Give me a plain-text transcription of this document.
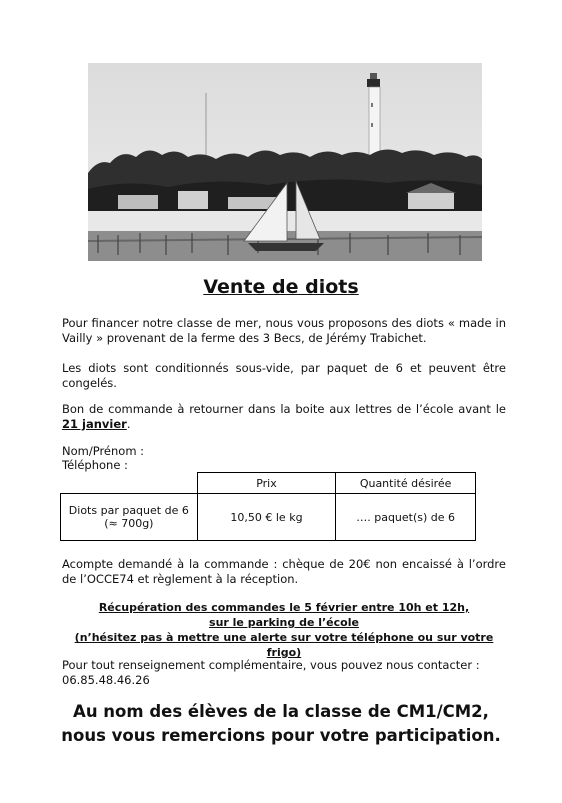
Vente de diots
Pour financer notre classe de mer, nous vous proposons des diots « made in Vailly » provenant de la ferme des 3 Becs, de Jérémy Trabichet.
Les diots sont conditionnés sous-vide, par paquet de 6 et peuvent être congelés.
Bon de commande à retourner dans la boite aux lettres de l’école avant le 21 janvier.
Nom/Prénom :
Téléphone :
	Prix	Quantité désirée

Diots par paquet de 6
(≈ 700g)	10,50 € le kg	…. paquet(s) de 6
Acompte demandé à la commande : chèque de 20€ non encaissé à l’ordre de l’OCCE74 et règlement à la réception.
Récupération des commandes le 5 février entre 10h et 12h,
sur le parking de l’école
(n’hésitez pas à mettre une alerte sur votre téléphone ou sur votre frigo)
Pour tout renseignement complémentaire, vous pouvez nous contacter :
06.85.48.46.26
Au nom des élèves de la classe de CM1/CM2,
nous vous remercions pour votre participation.
